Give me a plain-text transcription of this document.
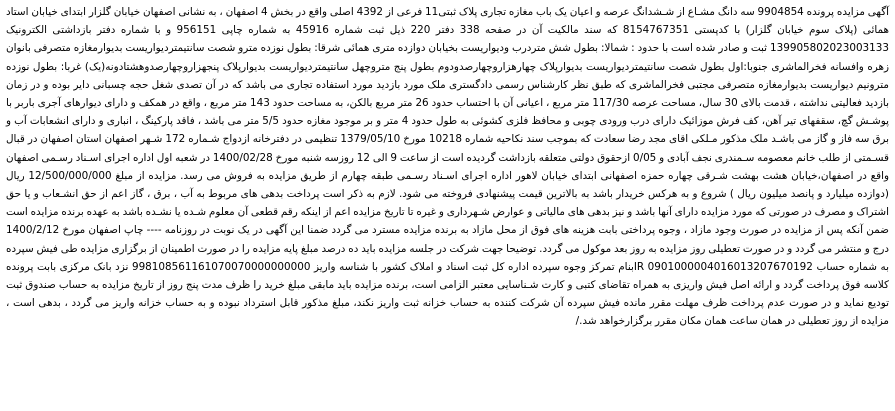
آگهی مزایده پرونده 9904854 سه دانگ مشـاع از شـشدانگ عرصه و اعیان یک باب مغازه تجاری پلاک ثبتی11 فرعی از 4392 اصلی واقع در بخش 4 اصفهان ، به نشانی اصفهان خیابان گلزار ابتدای خیابان استاد همائی (پلاک سوم خیابان گلزار) با کدپستی 8154767351 که سند مالکیت آن در صفحه 338 دفتر 220 ذیل ثبت شماره 45916 به شماره چاپی 956151 و با شماره دفتر بازداشتی الکترونیک 139905802023003133 ثبت و صادر شده است با حدود : شمالا: بطول شش متردرب ودیواریست بخیابان دوازده متری همائی شرقا: بطول نوزده مترو شصت سانتیمتردیواریست بدیوارمغازه متصرفی بانوان زهره وافسانه فخرالماشری جنوبا:اول بطول شصت سانتیمتردیواریست بدیوارپلاک چهارهزاروچهارصدودوم بطول پنج متروچهل سانتیمتردیواریست بدیوارپلاک پنجهزاروچهارصدوهشتادونه(یک) غربا: بطول نوزده مترونیم دیواریست بدیوارمغازه متصرفی مجتبی فخرالماشری که طبق نظر کارشناس رسمی دادگستری ملک مورد بازدید مورد استفاده تجاری می باشد که در آن تصدی شغل حجه چسبانی دایر بوده و در زمان بازدید فعالیتی نداشته ، قدمت بالای 30 سال، مساحت عرصه 117/30 متر مربع ، اعیانی آن با احتساب حدود 26 متر مربع بالکن، به مساحت حدود 143 متر مربع ، واقع در همکف و دارای دیوارهای آجری باربر با پوشـش گچ، سقفهای تیر آهن، کف فرش موزائیک دارای درب ورودی چوبی و محافظ فلزی کشوئی به طول حدود 4 متر و بر موجود مغازه حدود 5/5 متر می باشد ، فاقد پارکینگ ، انباری و دارای انشعابات آب و برق سه فاز و گاز می باشـد ملک مذکور مـلکی اقای مجد رضا سعادت که بموجب سند نکاحیه شماره 10218 مورخ 1379/05/10 تنظیمی در دفترخانه ازدواج شـماره 172 شـهر اصفهان استان اصفهان در قبال قسـمتی از طلب خانم معصومه سـمندری نجف آبادی و 0/05 ازحقوق دولتی متعلقه بازداشت گردیده است از ساعت 9 الی 12 روزسه شنبه مورخ 1400/02/28 در شعبه اول اداره اجرای اسـناد رسـمی اصفهان واقع در اصفهان،خیابان هشت بهشت شـرقی چهاره حمزه اصفهانی ابتدای خیابان لاهور اداره اجرای اسـناد رسـمی طبقه چهارم از طریق مزایده به فروش می رسد. مزایده از مبلغ 12/500/000/000 ریال (دوازده میلیارد و پانصد میلیون ریال ) شروع و به هرکس خریدار باشد به بالاترین قیمت پیشنهادی فروخته می شود. لازم به ذکر است پرداخت بدهی های مربوط به آب ، برق ، گاز اعم از حق انشـعاب و یا حق اشتراک و مصرف در صورتی که مورد مزایده دارای آنها باشد و نیز بدهی های مالیاتی و عوارض شـهرداری و غیره تا تاریخ مزایده اعم از اینکه رقم قطعی آن معلوم شـده یا نشـده باشد به عهده برنده مزایده است ضمن آنکه پس از مزایده در صورت وجود مازاد ، وجوه پرداختی بابت هزینه های فوق از محل مازاد به برنده مزایده مسترد می گردد ضمنا این آگهی در یک نوبت در روزنامه ---- چاپ اصفهان مورخ 1400/2/12 درج و منتشر می گردد و در صورت تعطیلی روز مزایده به روز بعد موکول می گردد. توضیحا جهت شرکت در جلسه مزایده باید ده درصد مبلغ پایه مزایده را در صورت اطمینان از برگزاری مزایده طی فیش سپرده به شماره حساب 0901000004016013207670192 IRبنام تمرکز وجوه سپرده اداره کل ثبت اسناد و املاک کشور با شناسه واریز 998108561161070070000000000 نزد بانک مرکزی بابت پرونده کلاسه فوق پرداخت گردد و ارائه اصل فیش واریزی به همراه تقاضای کتبی و کارت شـناسایی معتبر الزامی است، برنده مزایده باید مابقی مبلغ خرید را ظرف مدت پنج روز از تاریخ مزایده به حساب صندوق ثبت تودیع نماید و در صورت عدم پرداخت ظرف مهلت مقرر مانده فیش سپرده آن شرکت کننده به حساب خزانه ثبت واریز نکند، مبلغ مذکور قابل استرداد نبوده و به حساب خزانه واریز می گردد ، بدهی است ، مزایده از روز تعطیلی در همان ساعت همان مکان مقرر برگزارخواهد شد./
